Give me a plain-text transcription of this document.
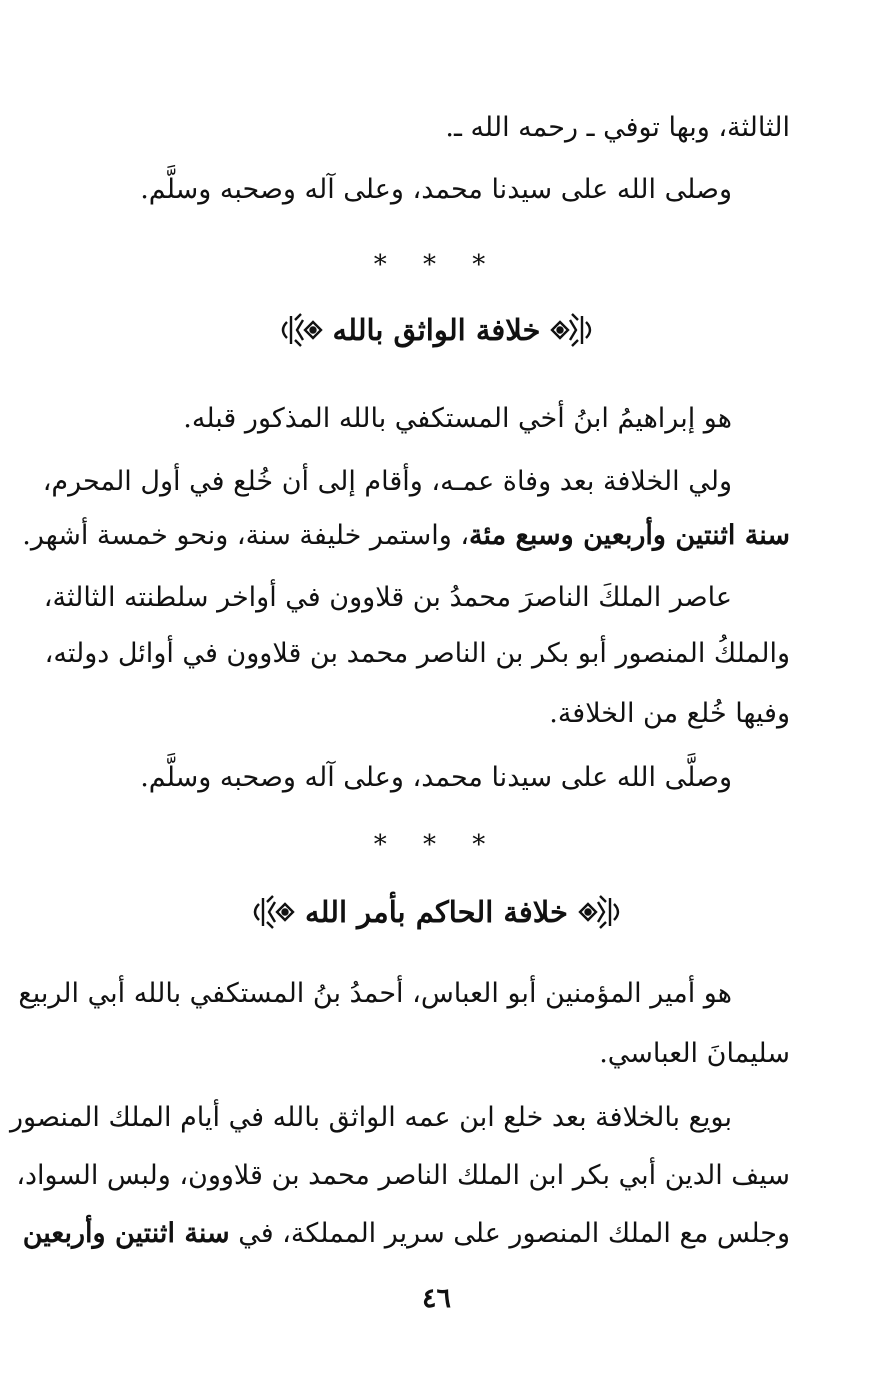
الثالثة، وبها توفي ـ رحمه الله ـ.
وصلى الله على سيدنا محمد، وعلى آله وصحبه وسلَّم.
هو إبراهيمُ ابنُ أخي المستكفي بالله المذكور قبله.
ولي الخلافة بعد وفاة عمـه، وأقام إلى أن خُلع في أول المحرم،
سنة اثنتين وأربعين وسبع مئة، واستمر خليفة سنة، ونحو خمسة أشهر.
عاصر الملكَ الناصرَ محمدُ بن قلاوون في أواخر سلطنته الثالثة،
والملكُ المنصور أبو بكر بن الناصر محمد بن قلاوون في أوائل دولته،
وفيها خُلع من الخلافة.
وصلَّى الله على سيدنا محمد، وعلى آله وصحبه وسلَّم.
هو أمير المؤمنين أبو العباس، أحمدُ بنُ المستكفي بالله أبي الربيع
سليمانَ العباسي.
بويع بالخلافة بعد خلع ابن عمه الواثق بالله في أيام الملك المنصور
سيف الدين أبي بكر ابن الملك الناصر محمد بن قلاوون، ولبس السواد،
وجلس مع الملك المنصور على سرير المملكة، في سنة اثنتين وأربعين
* * *
خلافة الواثق بالله
* * *
خلافة الحاكم بأمر الله
٤٦
